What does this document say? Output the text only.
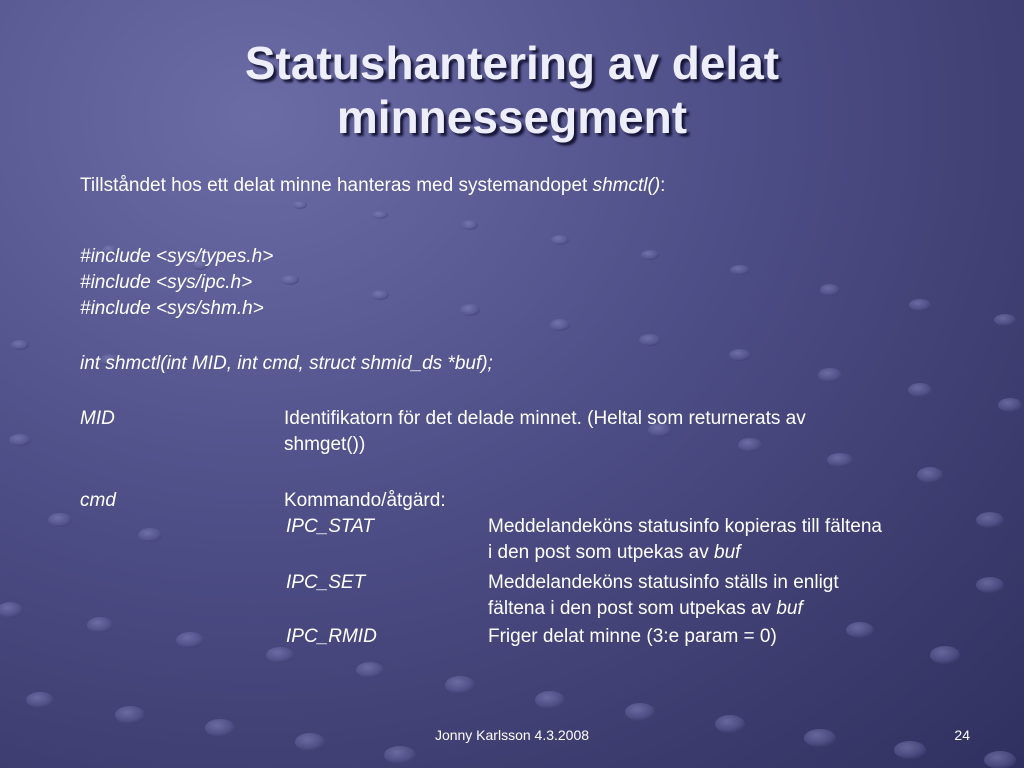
Statushantering av delat
minnessegment
Tillståndet hos ett delat minne hanteras med systemandopet shmctl():
#include <sys/types.h>
#include <sys/ipc.h>
#include <sys/shm.h>
int shmctl(int MID, int cmd, struct shmid_ds *buf);
MID	Identifikatorn för det delade minnet. (Heltal som returnerats av
shmget())
cmd	Kommando/åtgärd:
IPC_STAT	Meddelandeköns statusinfo kopieras till fältena
i den post som utpekas av buf
IPC_SET	Meddelandeköns statusinfo ställs in enligt
fältena i den post som utpekas av buf
IPC_RMID	Friger delat minne (3:e param = 0)
Jonny Karlsson 4.3.2008	24
